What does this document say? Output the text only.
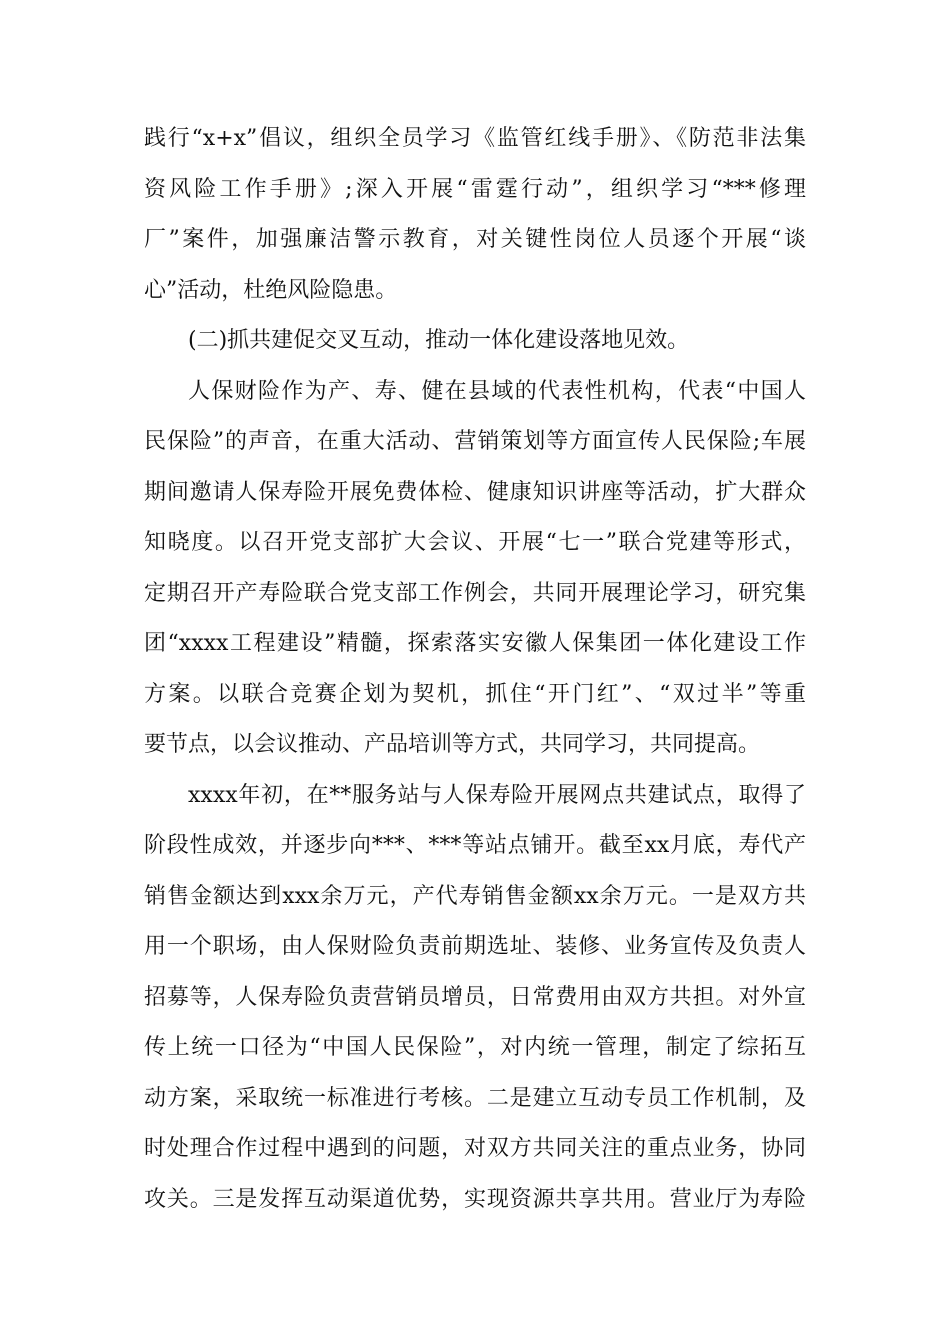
践行“x+x”倡议，组织全员学习《监管红线手册》、《防范非法集
资风险工作手册》;深入开展“雷霆行动”，组织学习“***修理
厂”案件，加强廉洁警示教育，对关键性岗位人员逐个开展“谈
心”活动，杜绝风险隐患。
(二)抓共建促交叉互动，推动一体化建设落地见效。
人保财险作为产、寿、健在县域的代表性机构，代表“中国人
民保险”的声音，在重大活动、营销策划等方面宣传人民保险;车展
期间邀请人保寿险开展免费体检、健康知识讲座等活动，扩大群众
知晓度。以召开党支部扩大会议、开展“七一”联合党建等形式，
定期召开产寿险联合党支部工作例会，共同开展理论学习，研究集
团“xxxx工程建设”精髓，探索落实安徽人保集团一体化建设工作
方案。以联合竞赛企划为契机，抓住“开门红”、“双过半”等重
要节点，以会议推动、产品培训等方式，共同学习，共同提高。
xxxx年初，在**服务站与人保寿险开展网点共建试点，取得了
阶段性成效，并逐步向***、***等站点铺开。截至xx月底，寿代产
销售金额达到xxx余万元，产代寿销售金额xx余万元。一是双方共
用一个职场，由人保财险负责前期选址、装修、业务宣传及负责人
招募等，人保寿险负责营销员增员，日常费用由双方共担。对外宣
传上统一口径为“中国人民保险”，对内统一管理，制定了综拓互
动方案，采取统一标准进行考核。二是建立互动专员工作机制，及
时处理合作过程中遇到的问题，对双方共同关注的重点业务，协同
攻关。三是发挥互动渠道优势，实现资源共享共用。营业厅为寿险
